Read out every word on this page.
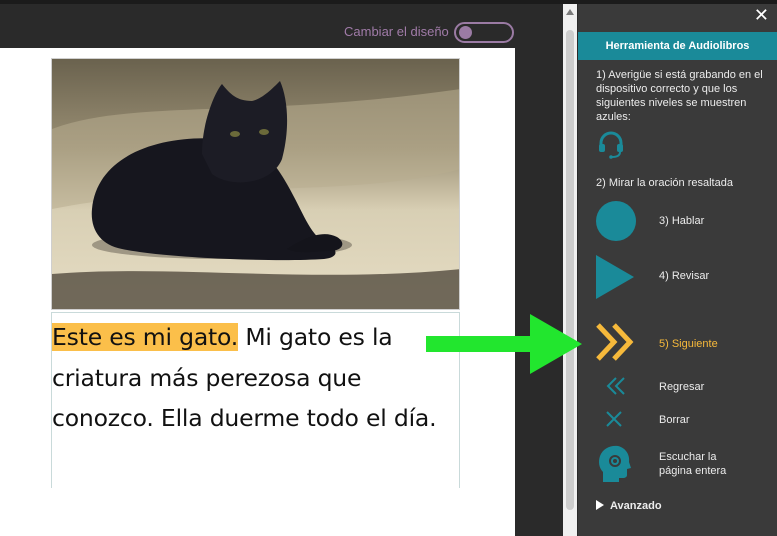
Cambiar el diseño
Este es mi gato. Mi gato es la criatura más perezosa que conozco. Ella duerme todo el día.
✕
Herramienta de Audiolibros
1) Averigüe si está grabando en el dispositivo correcto y que los siguientes niveles se muestren azules:
2) Mirar la oración resaltada
3) Hablar
4) Revisar
5) Siguiente
Regresar
Borrar
Escuchar la página entera
Avanzado
